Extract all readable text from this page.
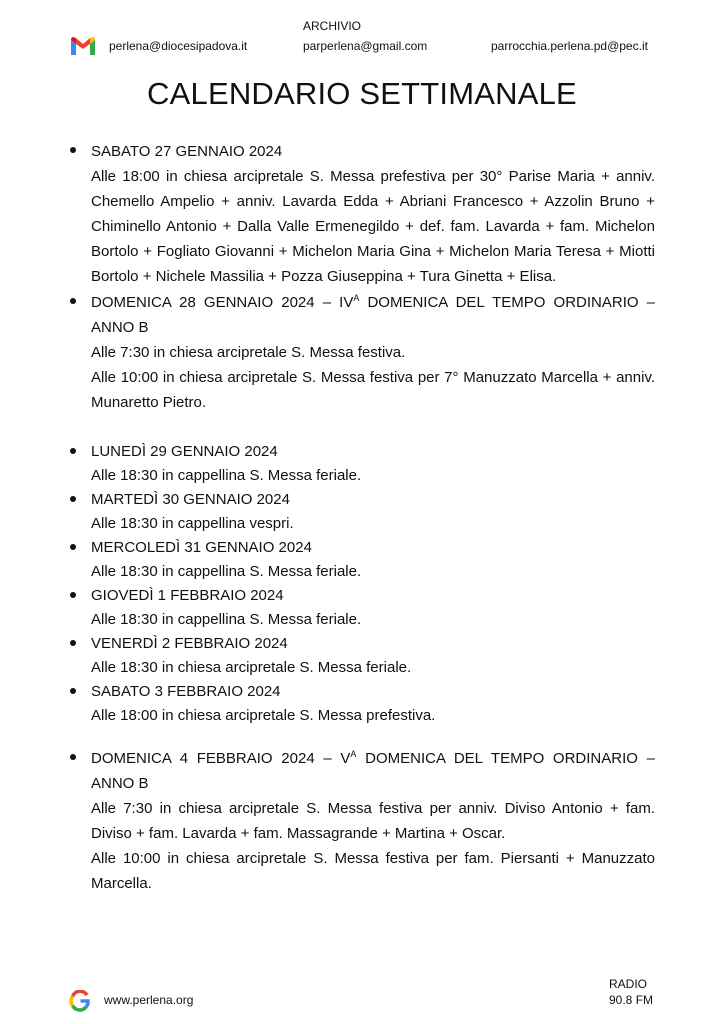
perlena@diocesipadova.it
ARCHIVIO
parperlena@gmail.com	parrocchia.perlena.pd@pec.it
CALENDARIO SETTIMANALE
SABATO 27 GENNAIO 2024
Alle 18:00 in chiesa arcipretale S. Messa prefestiva per 30° Parise Maria + anniv. Chemello Ampelio + anniv. Lavarda Edda + Abriani Francesco + Azzolin Bruno + Chiminello Antonio + Dalla Valle Ermenegildo + def. fam. Lavarda + fam. Michelon Bortolo + Fogliato Giovanni + Michelon Maria Gina + Michelon Maria Teresa + Miotti Bortolo + Nichele Massilia + Pozza Giuseppina + Tura Ginetta + Elisa.
DOMENICA 28 GENNAIO $2024 - IV^A$ DOMENICA DEL TEMPO ORDINARIO – ANNO B
Alle 7:30 in chiesa arcipretale S. Messa festiva.
Alle 10:00 in chiesa arcipretale S. Messa festiva per 7° Manuzzato Marcella + anniv. Munaretto Pietro.
LUNEDÌ 29 GENNAIO 2024
Alle 18:30 in cappellina S. Messa feriale.
MARTEDÌ 30 GENNAIO 2024
Alle 18:30 in cappellina vespri.
MERCOLEDÌ 31 GENNAIO 2024
Alle 18:30 in cappellina S. Messa feriale.
GIOVEDÌ 1 FEBBRAIO 2024
Alle 18:30 in cappellina S. Messa feriale.
VENERDÌ 2 FEBBRAIO 2024
Alle 18:30 in chiesa arcipretale S. Messa feriale.
SABATO 3 FEBBRAIO 2024
Alle 18:00 in chiesa arcipretale S. Messa prefestiva.
DOMENICA 4 FEBBRAIO $2024 - V^A$ DOMENICA DEL TEMPO ORDINARIO – ANNO B
Alle 7:30 in chiesa arcipretale S. Messa festiva per anniv. Diviso Antonio + fam. Diviso + fam. Lavarda + fam. Massagrande + Martina + Oscar.
Alle 10:00 in chiesa arcipretale S. Messa festiva per fam. Piersanti + Manuzzato Marcella.
www.perlena.org
RADIO
90.8 FM
